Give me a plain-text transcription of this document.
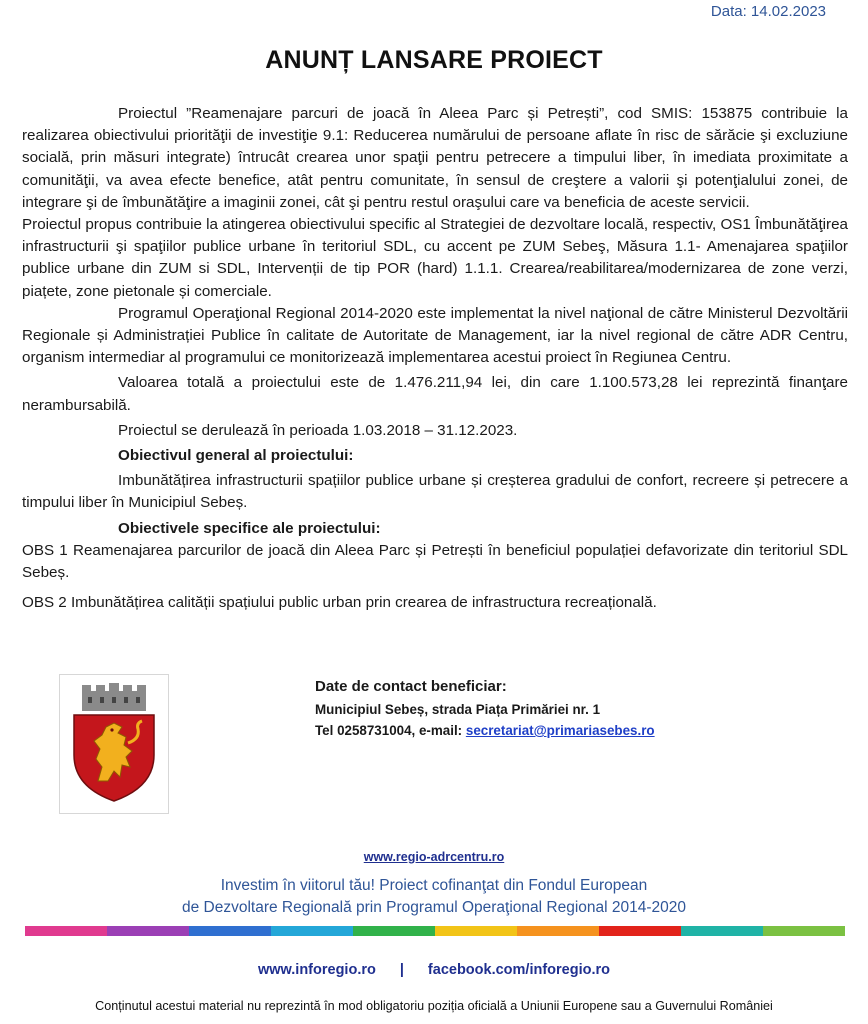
Data: 14.02.2023
ANUNȚ LANSARE PROIECT

Proiectul ”Reamenajare parcuri de joacă în Aleea Parc și Petrești”, cod SMIS: 153875 contribuie la realizarea obiectivului priorităţii de investiţie 9.1: Reducerea numărului de persoane aflate în risc de sărăcie şi excluziune socială, prin măsuri integrate) întrucât crearea unor spaţii pentru petrecere a timpului liber, în imediata proximitate a comunităţii, va avea efecte benefice, atât pentru comunitate, în sensul de creştere a valorii şi potenţialului zonei, de integrare şi de îmbunătăţire a imaginii zonei, cât şi pentru restul oraşului care va beneficia de aceste servicii.

Proiectul propus contribuie la atingerea obiectivului specific al Strategiei de dezvoltare locală, respectiv, OS1 Îmbunătăţirea infrastructurii şi spaţiilor publice urbane în teritoriul SDL, cu accent pe ZUM Sebeş, Măsura 1.1- Amenajarea spaţiilor publice urbane din ZUM si SDL, Intervenții de tip POR (hard) 1.1.1. Crearea/reabilitarea/modernizarea de zone verzi, piațete, zone pietonale și comerciale.

Programul Operaţional Regional 2014-2020 este implementat la nivel naţional de către Ministerul Dezvoltării Regionale și Administrației Publice în calitate de Autoritate de Management, iar la nivel regional de către ADR Centru, organism intermediar al programului ce monitorizează implementarea acestui proiect în Regiunea Centru.

Valoarea totală a proiectului este de 1.476.211,94 lei, din care 1.100.573,28 lei reprezintă finanţare nerambursabilă.

Proiectul se derulează în perioada 1.03.2018 – 31.12.2023.

Obiectivul general al proiectului:

Imbunătățirea infrastructurii spațiilor publice urbane și creșterea gradului de confort, recreere și petrecere a timpului liber în Municipiul Sebeș.

Obiectivele specifice ale proiectului:

OBS 1 Reamenajarea parcurilor de joacă din Aleea Parc și Petrești în beneficiul populației defavorizate din teritoriul SDL Sebeș.

OBS 2 Imbunătățirea calității spațiului public urban prin crearea de infrastructura recreațională.

Date de contact beneficiar:
Municipiul Sebeș, strada Piața Primăriei nr. 1
Tel 0258731004, e-mail: secretariat@primariasebes.ro
www.regio-adrcentru.ro
Investim în viitorul tău! Proiect cofinanţat din Fondul European
de Dezvoltare Regională prin Programul Operaţional Regional 2014-2020
www.inforegio.ro | facebook.com/inforegio.ro
Conținutul acestui material nu reprezintă în mod obligatoriu poziția oficială a Uniunii Europene sau a Guvernului României
